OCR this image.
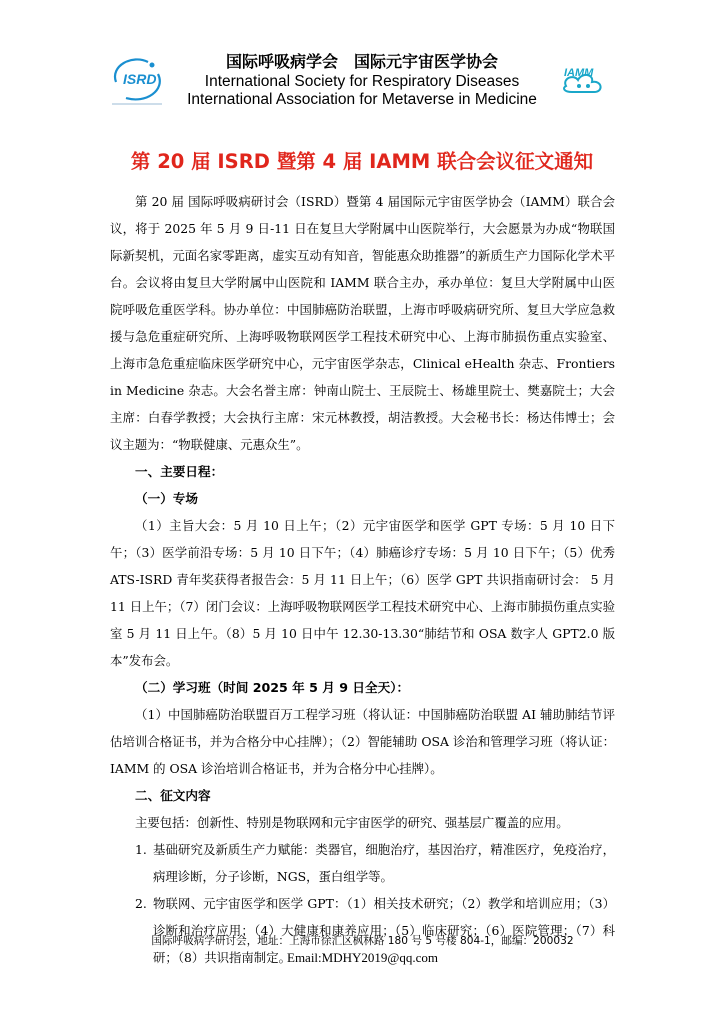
ISRD
国际呼吸病学会　国际元宇宙医学协会
International Society for Respiratory Diseases
International Association for Metaverse in Medicine
IAMM
第 20 届 ISRD 暨第 4 届 IAMM 联合会议征文通知

第 20 届 国际呼吸病研讨会（ISRD）暨第 4 届国际元宇宙医学协会（IAMM）联合会议，将于 2025 年 5 月 9 日-11 日在复旦大学附属中山医院举行，大会愿景为办成“物联国际新契机，元面名家零距离，虚实互动有知音，智能惠众助推器”的新质生产力国际化学术平台。会议将由复旦大学附属中山医院和 IAMM 联合主办，承办单位：复旦大学附属中山医院呼吸危重医学科。协办单位：中国肺癌防治联盟，上海市呼吸病研究所、复旦大学应急救援与急危重症研究所、上海呼吸物联网医学工程技术研究中心、上海市肺损伤重点实验室、上海市急危重症临床医学研究中心，元宇宙医学杂志，Clinical eHealth 杂志、Frontiers in Medicine 杂志。大会名誉主席：钟南山院士、王辰院士、杨雄里院士、樊嘉院士；大会主席：白春学教授；大会执行主席：宋元林教授，胡洁教授。大会秘书长：杨达伟博士；会议主题为：“物联健康、元惠众生”。

一、主要日程：

（一）专场

（1）主旨大会：5 月 10 日上午；（2）元宇宙医学和医学 GPT 专场：5 月 10 日下午；（3）医学前沿专场：5 月 10 日下午；（4）肺癌诊疗专场：5 月 10 日下午；（5）优秀 ATS-ISRD 青年奖获得者报告会：5 月 11 日上午；（6）医学 GPT 共识指南研讨会： 5 月 11 日上午；（7）闭门会议：上海呼吸物联网医学工程技术研究中心、上海市肺损伤重点实验室 5 月 11 日上午。（8）5 月 10 日中午 12.30-13.30“肺结节和 OSA 数字人 GPT2.0 版本”发布会。

（二）学习班（时间 2025 年 5 月 9 日全天）：

（1）中国肺癌防治联盟百万工程学习班（将认证：中国肺癌防治联盟 AI 辅助肺结节评估培训合格证书，并为合格分中心挂牌）；（2）智能辅助 OSA 诊治和管理学习班（将认证：IAMM 的 OSA 诊治培训合格证书，并为合格分中心挂牌）。

二、征文内容

主要包括：创新性、特别是物联网和元宇宙医学的研究、强基层广覆盖的应用。

1. 基础研究及新质生产力赋能：类器官，细胞治疗，基因治疗，精准医疗，免疫治疗，病理诊断，分子诊断，NGS，蛋白组学等。

2. 物联网、元宇宙医学和医学 GPT：（1）相关技术研究；（2）教学和培训应用；（3）诊断和治疗应用；（4）大健康和康养应用；（5）临床研究；（6）医院管理；（7）科研；（8）共识指南制定。

国际呼吸病学研讨会，地址：上海市徐汇区枫林路 180 号 5 号楼 804-1，邮编：200032
Email:MDHY2019@qq.com
